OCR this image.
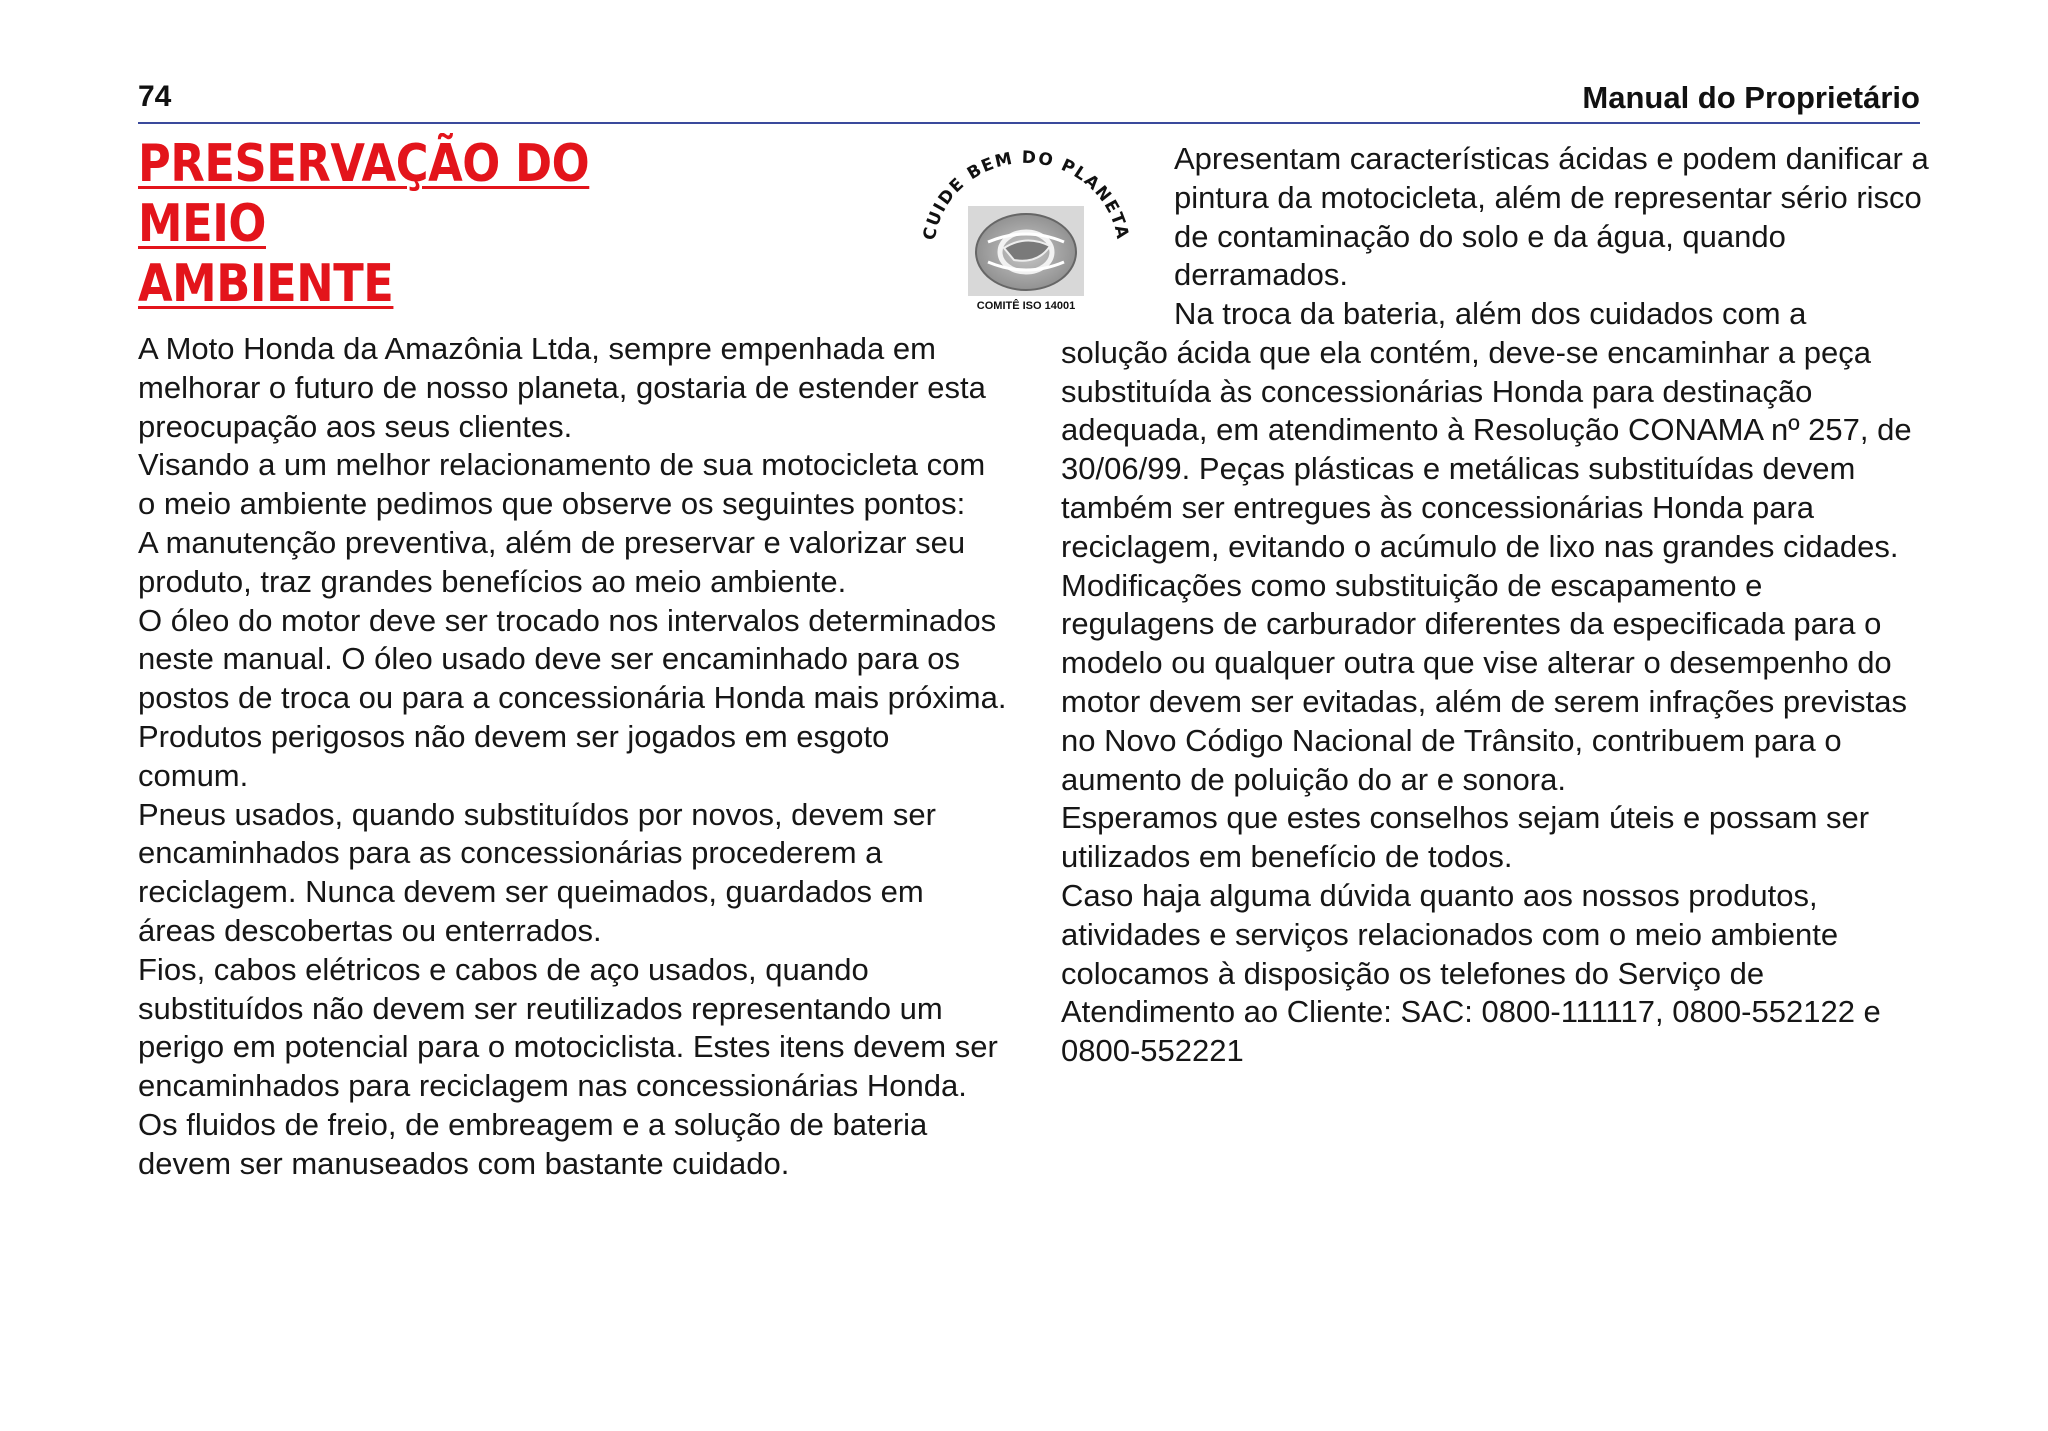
74	Manual do Proprietário
PRESERVAÇÃO DO MEIO
AMBIENTE
CUIDE BEM DO PLANETA
COMITÊ ISO 14001

A Moto Honda da Amazônia Ltda, sempre empenhada em melhorar o futuro de nosso planeta, gostaria de estender esta preocupação aos seus clientes.

Visando a um melhor relacionamento de sua motocicleta com o meio ambiente pedimos que observe os seguintes pontos:

A manutenção preventiva, além de preservar e valorizar seu produto, traz grandes benefícios ao meio ambiente.

O óleo do motor deve ser trocado nos intervalos determinados neste manual. O óleo usado deve ser encaminhado para os postos de troca ou para a concessionária Honda mais próxima.

Produtos perigosos não devem ser jogados em esgoto comum.

Pneus usados, quando substituídos por novos, devem ser encaminhados para as concessionárias procederem a reciclagem. Nunca devem ser queimados, guardados em áreas descobertas ou enterrados.

Fios, cabos elétricos e cabos de aço usados, quando substituídos não devem ser reutilizados representando um perigo em potencial para o motociclista. Estes itens devem ser encaminhados para reciclagem nas concessionárias Honda.

Os fluidos de freio, de embreagem e a solução de bateria devem ser manuseados com bastante cuidado.

Apresentam características ácidas e podem danificar a pintura da motocicleta, além de representar sério risco de contaminação do solo e da água, quando derramados.

Na troca da bateria, além dos cuidados com a solução ácida que ela contém, deve-se encaminhar a peça substituída às concessionárias Honda para destinação adequada, em atendimento à Resolução CONAMA nº 257, de 30/06/99. Peças plásticas e metálicas substituídas devem também ser entregues às concessionárias Honda para reciclagem, evitando o acúmulo de lixo nas grandes cidades.

Modificações como substituição de escapamento e regulagens de carburador diferentes da especificada para o modelo ou qualquer outra que vise alterar o desempenho do motor devem ser evitadas, além de serem infrações previstas no Novo Código Nacional de Trânsito, contribuem para o aumento de poluição do ar e sonora.

Esperamos que estes conselhos sejam úteis e possam ser utilizados em benefício de todos.

Caso haja alguma dúvida quanto aos nossos produtos, atividades e serviços relacionados com o meio ambiente colocamos à disposição os telefones do Serviço de Atendimento ao Cliente: SAC: 0800-111117, 0800-552122 e 0800-552221
